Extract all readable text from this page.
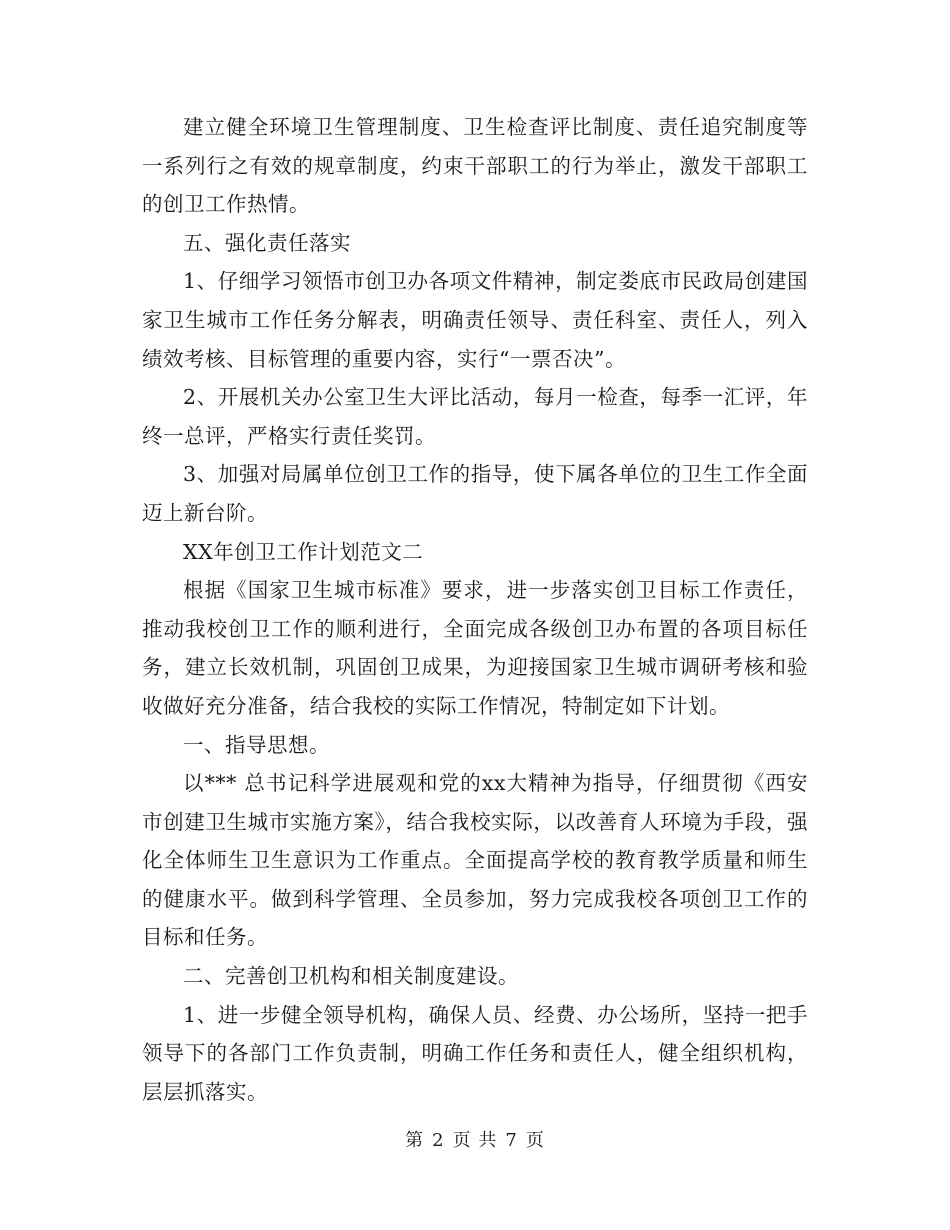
建立健全环境卫生管理制度、卫生检查评比制度、责任追究制度等一系列行之有效的规章制度，约束干部职工的行为举止，激发干部职工的创卫工作热情。

五、强化责任落实

1、仔细学习领悟市创卫办各项文件精神，制定娄底市民政局创建国家卫生城市工作任务分解表，明确责任领导、责任科室、责任人，列入绩效考核、目标管理的重要内容，实行“一票否决”。

2、开展机关办公室卫生大评比活动，每月一检查，每季一汇评，年终一总评，严格实行责任奖罚。

3、加强对局属单位创卫工作的指导，使下属各单位的卫生工作全面迈上新台阶。

XX年创卫工作计划范文二

根据《国家卫生城市标准》要求，进一步落实创卫目标工作责任，推动我校创卫工作的顺利进行，全面完成各级创卫办布置的各项目标任务，建立长效机制，巩固创卫成果，为迎接国家卫生城市调研考核和验收做好充分准备，结合我校的实际工作情况，特制定如下计划。

一、指导思想。

以*** 总书记科学进展观和党的xx大精神为指导，仔细贯彻《西安市创建卫生城市实施方案》，结合我校实际，以改善育人环境为手段，强化全体师生卫生意识为工作重点。全面提高学校的教育教学质量和师生的健康水平。做到科学管理、全员参加，努力完成我校各项创卫工作的目标和任务。

二、完善创卫机构和相关制度建设。

1、进一步健全领导机构，确保人员、经费、办公场所，坚持一把手领导下的各部门工作负责制，明确工作任务和责任人，健全组织机构，层层抓落实。

第 2 页 共 7 页
